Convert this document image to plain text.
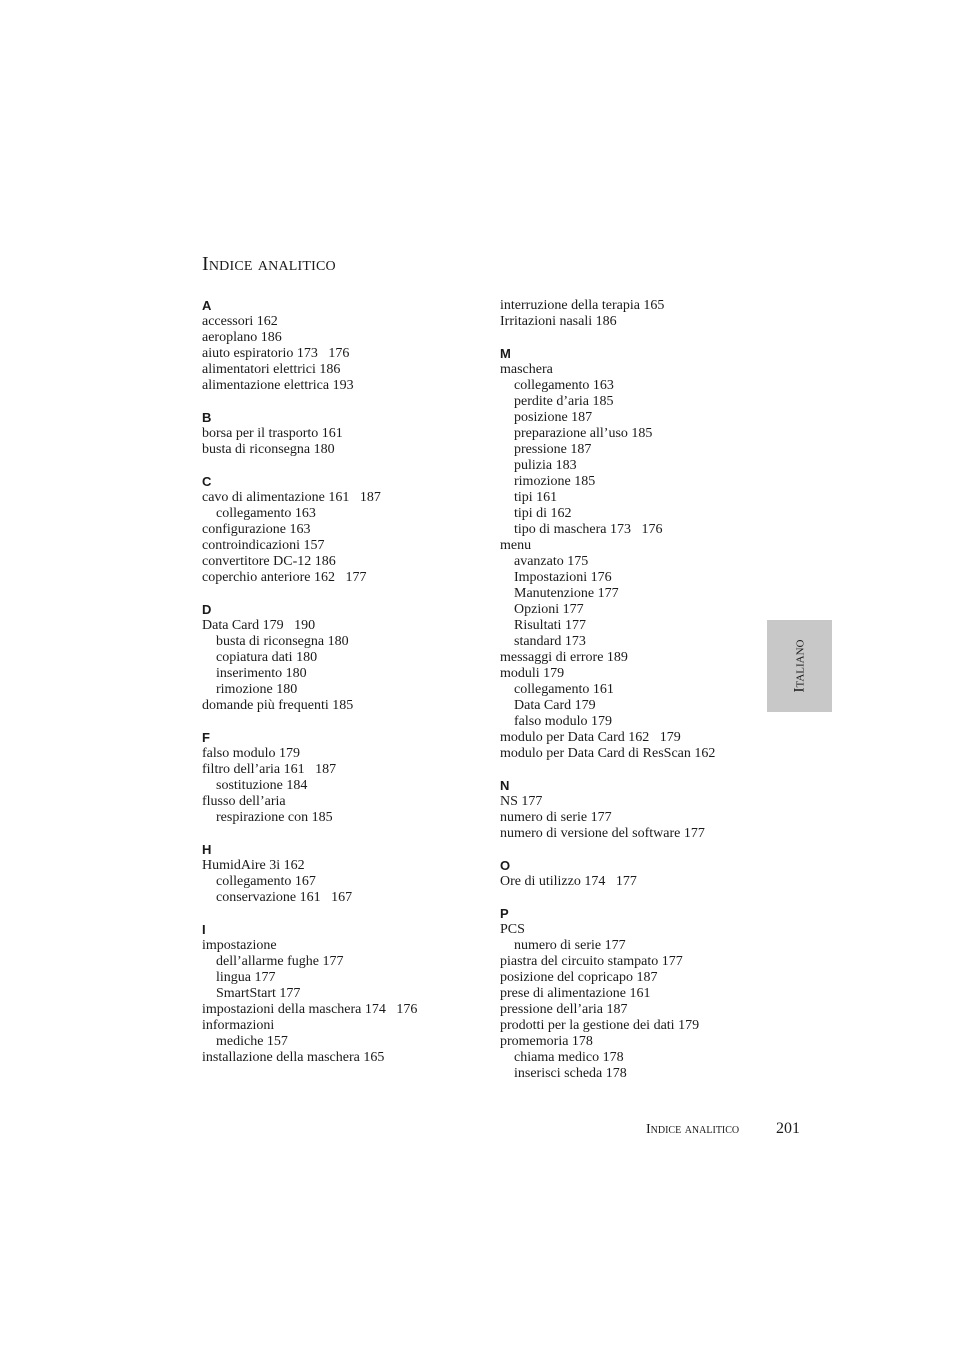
Indice analitico
A
accessori 162
aeroplano 186
aiuto espiratorio 173   176
alimentatori elettrici 186
alimentazione elettrica 193
B
borsa per il trasporto 161
busta di riconsegna 180
C
cavo di alimentazione 161   187
collegamento 163
configurazione 163
controindicazioni 157
convertitore DC-12 186
coperchio anteriore 162   177
D
Data Card 179   190
busta di riconsegna 180
copiatura dati 180
inserimento 180
rimozione 180
domande più frequenti 185
F
falso modulo 179
filtro dell’aria 161   187
sostituzione 184
flusso dell’aria
respirazione con 185
H
HumidAire 3i 162
collegamento 167
conservazione 161   167
I
impostazione
dell’allarme fughe 177
lingua 177
SmartStart 177
impostazioni della maschera 174   176
informazioni
mediche 157
installazione della maschera 165
interruzione della terapia 165
Irritazioni nasali 186
M
maschera
collegamento 163
perdite d’aria 185
posizione 187
preparazione all’uso 185
pressione 187
pulizia 183
rimozione 185
tipi 161
tipi di 162
tipo di maschera 173   176
menu
avanzato 175
Impostazioni 176
Manutenzione 177
Opzioni 177
Risultati 177
standard 173
messaggi di errore 189
moduli 179
collegamento 161
Data Card 179
falso modulo 179
modulo per Data Card 162   179
modulo per Data Card di ResScan 162
N
NS 177
numero di serie 177
numero di versione del software 177
O
Ore di utilizzo 174   177
P
PCS
numero di serie 177
piastra del circuito stampato 177
posizione del copricapo 187
prese di alimentazione 161
pressione dell’aria 187
prodotti per la gestione dei dati 179
promemoria 178
chiama medico 178
inserisci scheda 178
Italiano
Indice analitico 201
